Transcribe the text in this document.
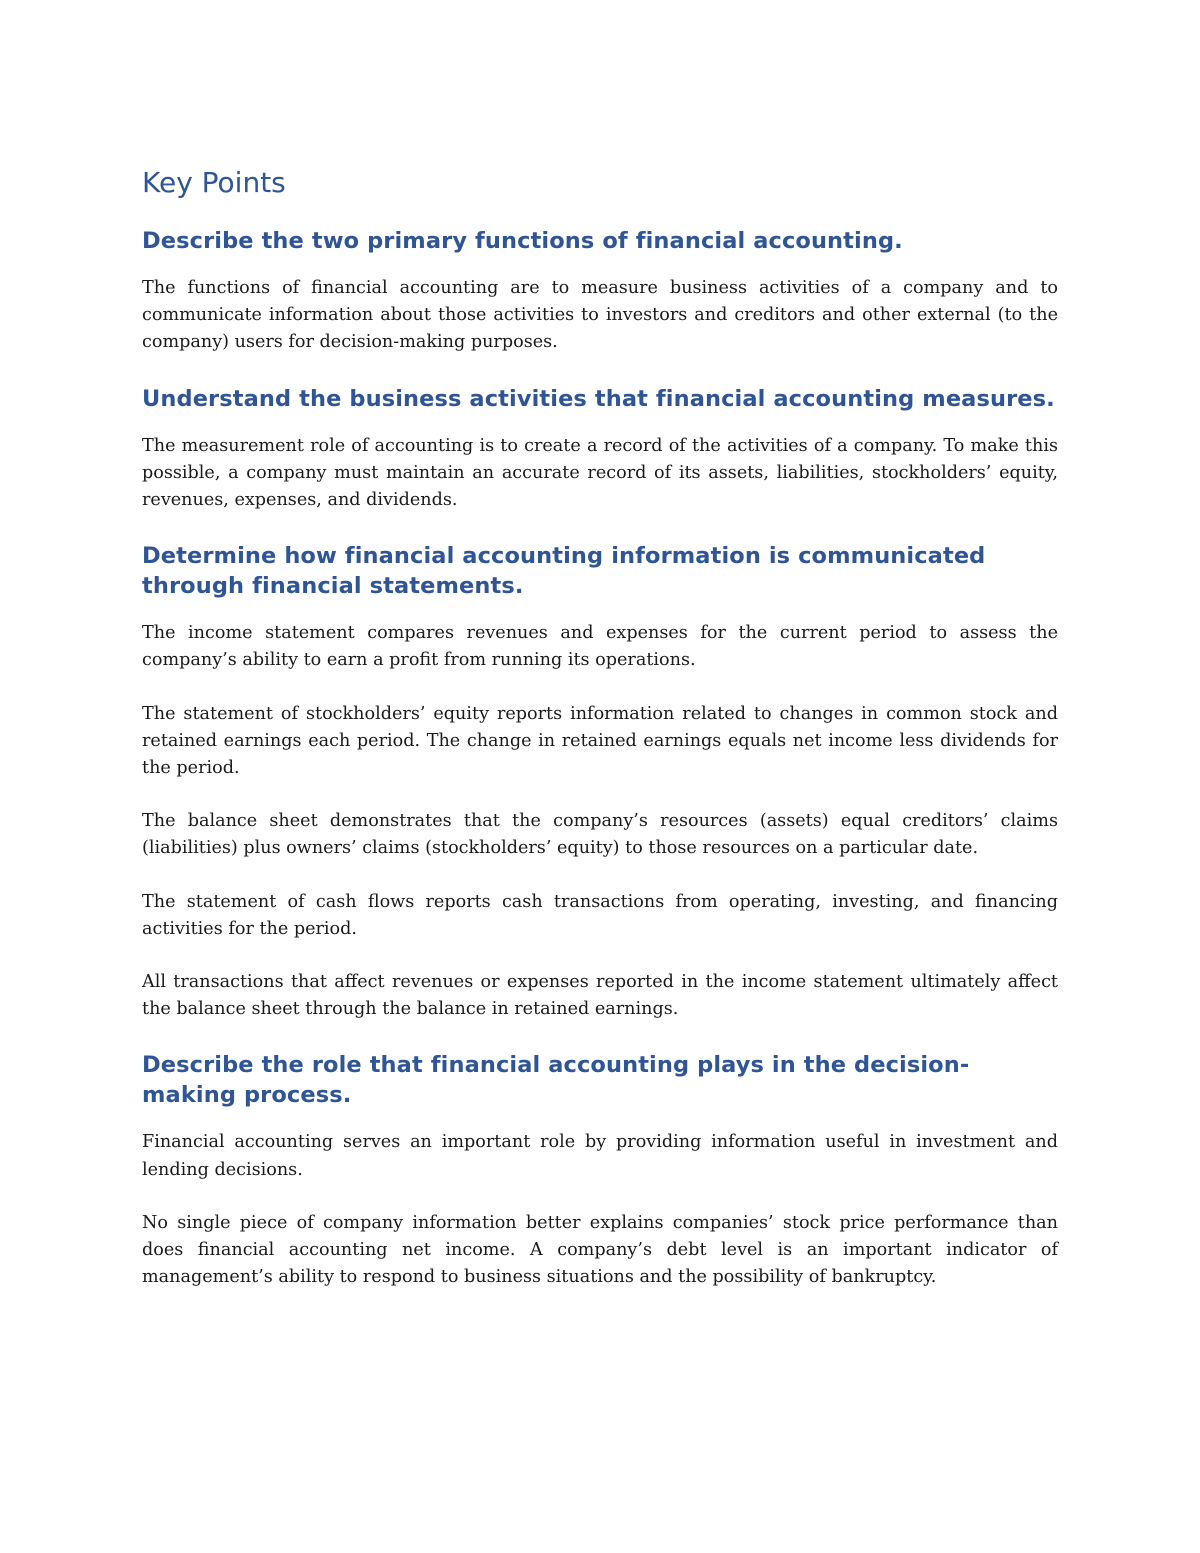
Key Points
Describe the two primary functions of financial accounting.

The functions of financial accounting are to measure business activities of a company and to communicate information about those activities to investors and creditors and other external (to the company) users for decision-making purposes.

Understand the business activities that financial accounting measures.

The measurement role of accounting is to create a record of the activities of a company. To make this possible, a company must maintain an accurate record of its assets, liabilities, stockholders’ equity, revenues, expenses, and dividends.

Determine how financial accounting information is communicated through financial statements.

The income statement compares revenues and expenses for the current period to assess the company’s ability to earn a profit from running its operations.

The statement of stockholders’ equity reports information related to changes in common stock and retained earnings each period. The change in retained earnings equals net income less dividends for the period.

The balance sheet demonstrates that the company’s resources (assets) equal creditors’ claims (liabilities) plus owners’ claims (stockholders’ equity) to those resources on a particular date.

The statement of cash flows reports cash transactions from operating, investing, and financing activities for the period.

All transactions that affect revenues or expenses reported in the income statement ultimately affect the balance sheet through the balance in retained earnings.

Describe the role that financial accounting plays in the decision-making process.

Financial accounting serves an important role by providing information useful in investment and lending decisions.

No single piece of company information better explains companies’ stock price performance than does financial accounting net income. A company’s debt level is an important indicator of management’s ability to respond to business situations and the possibility of bankruptcy.
